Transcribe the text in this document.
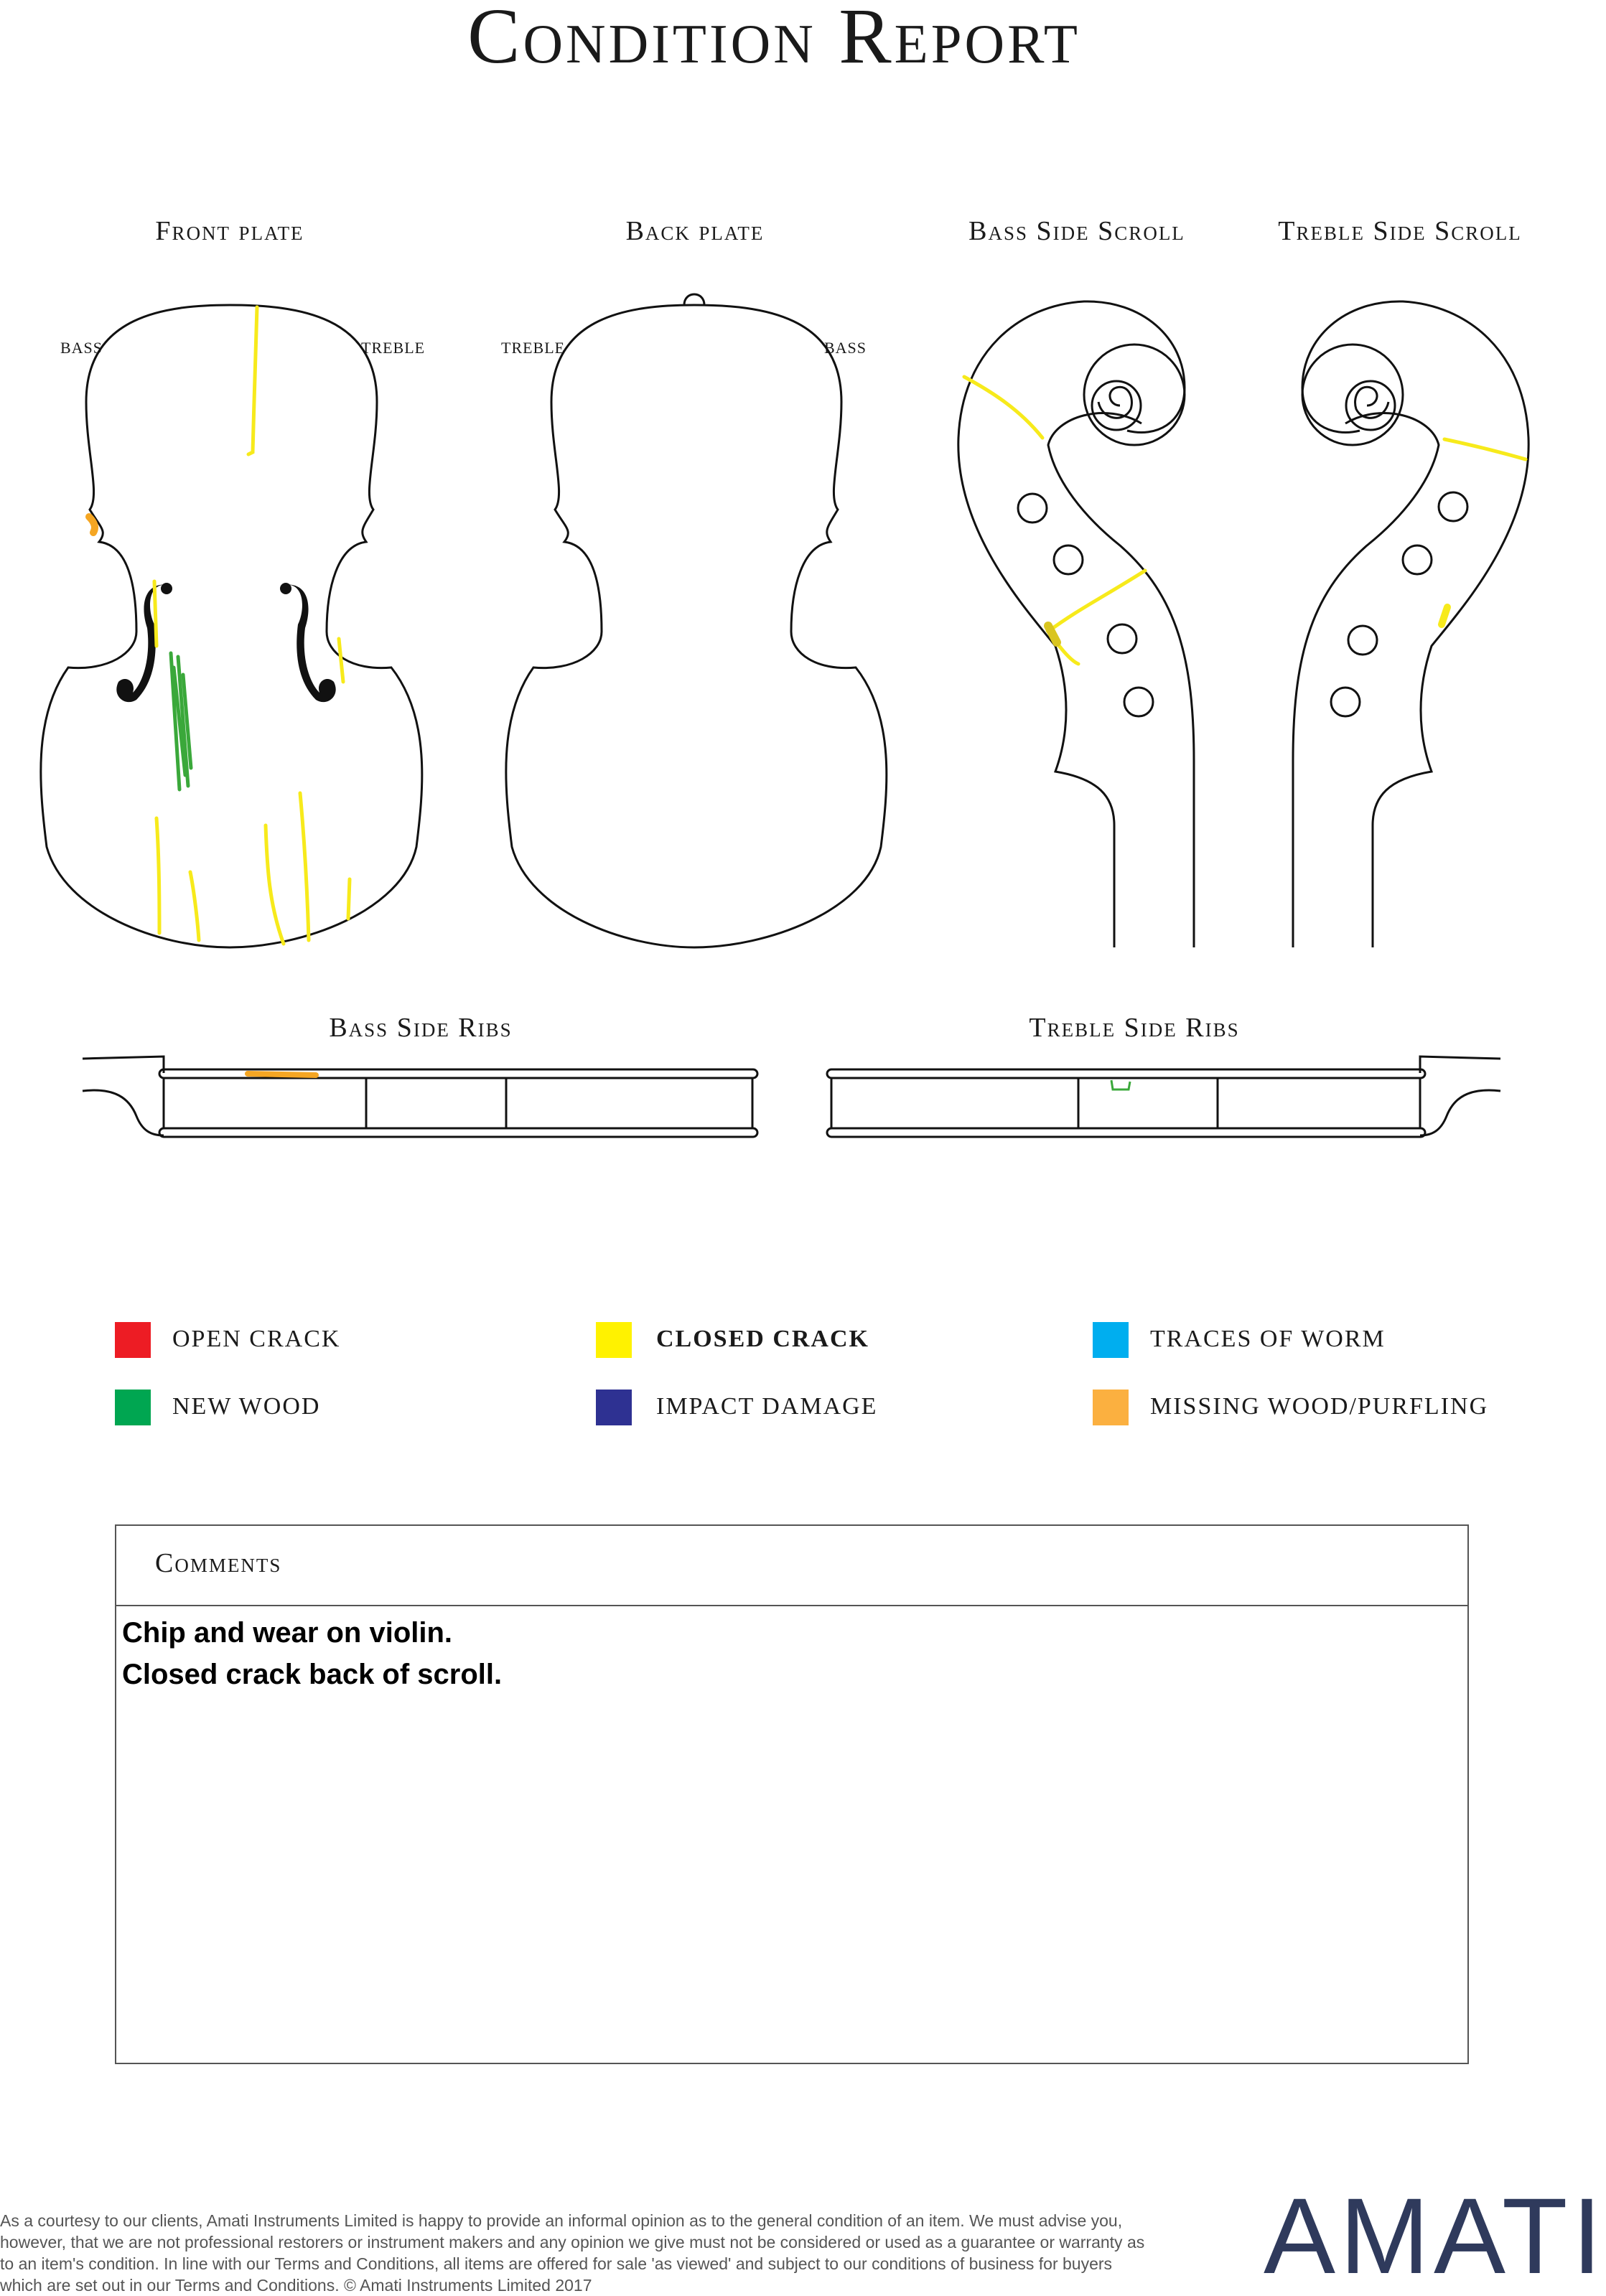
Condition Report
Front plate	Back plate	Bass Side Scroll	Treble Side Scroll
Bass Side Ribs	Treble Side Ribs
BASS	TREBLE	TREBLE	BASS
OPEN CRACK	CLOSED CRACK	TRACES OF WORM
NEW WOOD	IMPACT DAMAGE	MISSING WOOD/PURFLING
Comments
Chip and wear on violin.
Closed crack back of scroll.
As a courtesy to our clients, Amati Instruments Limited is happy to provide an informal opinion as to the general condition of an item. We must advise you, however, that we are not professional restorers or instrument makers and any opinion we give must not be considered or used as a guarantee or warranty as to an item's condition. In line with our Terms and Conditions, all items are offered for sale 'as viewed' and subject to our conditions of business for buyers which are set out in our Terms and Conditions. © Amati Instruments Limited 2017	AMATI
